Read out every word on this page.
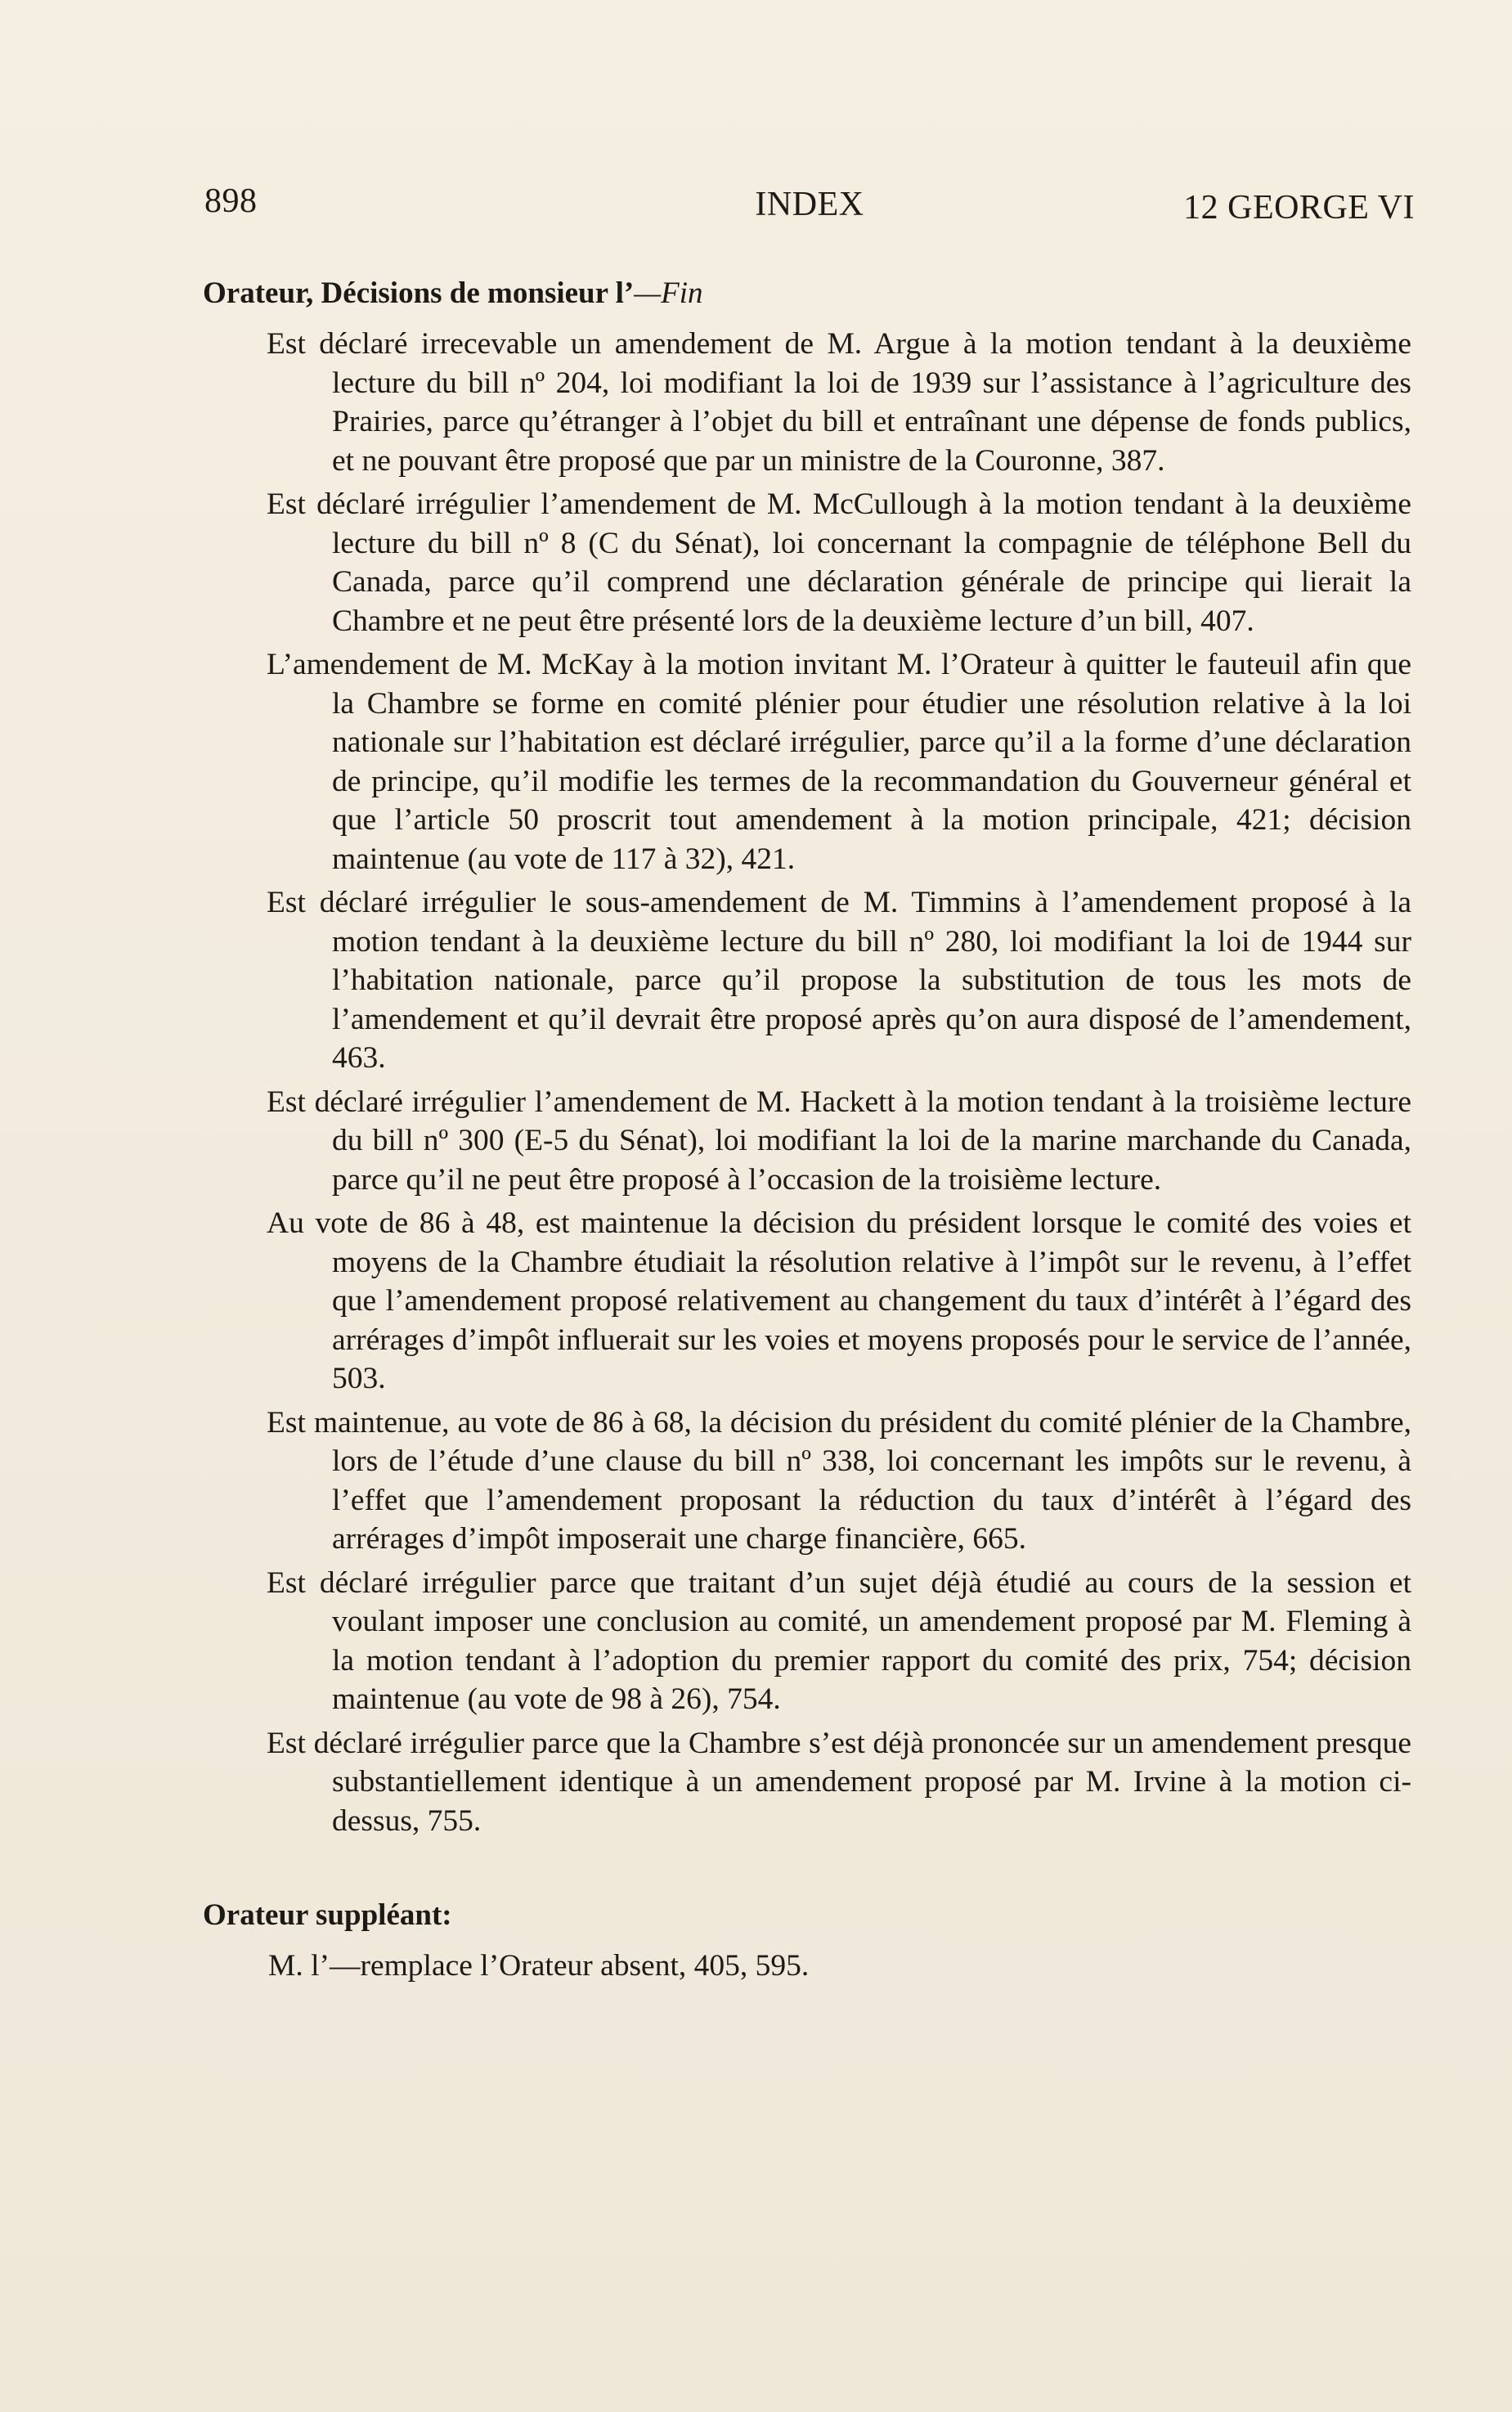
898	INDEX	12 GEORGE VI
Orateur, Décisions de monsieur l’—Fin

Est déclaré irrecevable un amendement de M. Argue à la motion tendant à la deuxième lecture du bill nº 204, loi modifiant la loi de 1939 sur l’assistance à l’agriculture des Prairies, parce qu’étranger à l’objet du bill et entraînant une dépense de fonds publics, et ne pouvant être proposé que par un ministre de la Couronne, 387.

Est déclaré irrégulier l’amendement de M. McCullough à la motion tendant à la deuxième lecture du bill nº 8 (C du Sénat), loi concernant la compagnie de téléphone Bell du Canada, parce qu’il comprend une déclaration générale de principe qui lierait la Chambre et ne peut être présenté lors de la deuxième lecture d’un bill, 407.

L’amendement de M. McKay à la motion invitant M. l’Orateur à quitter le fauteuil afin que la Chambre se forme en comité plénier pour étudier une résolution relative à la loi nationale sur l’habitation est déclaré irrégulier, parce qu’il a la forme d’une déclaration de principe, qu’il modifie les termes de la recommandation du Gouverneur général et que l’article 50 proscrit tout amendement à la motion principale, 421; décision maintenue (au vote de 117 à 32), 421.

Est déclaré irrégulier le sous-amendement de M. Timmins à l’amendement proposé à la motion tendant à la deuxième lecture du bill nº 280, loi modifiant la loi de 1944 sur l’habitation nationale, parce qu’il propose la substitution de tous les mots de l’amendement et qu’il devrait être proposé après qu’on aura disposé de l’amendement, 463.

Est déclaré irrégulier l’amendement de M. Hackett à la motion tendant à la troisième lecture du bill nº 300 (E-5 du Sénat), loi modifiant la loi de la marine marchande du Canada, parce qu’il ne peut être proposé à l’occasion de la troisième lecture.

Au vote de 86 à 48, est maintenue la décision du président lorsque le comité des voies et moyens de la Chambre étudiait la résolution relative à l’impôt sur le revenu, à l’effet que l’amendement proposé relativement au changement du taux d’intérêt à l’égard des arrérages d’impôt influerait sur les voies et moyens proposés pour le service de l’année, 503.

Est maintenue, au vote de 86 à 68, la décision du président du comité plénier de la Chambre, lors de l’étude d’une clause du bill nº 338, loi concernant les impôts sur le revenu, à l’effet que l’amendement proposant la réduction du taux d’intérêt à l’égard des arrérages d’impôt imposerait une charge financière, 665.

Est déclaré irrégulier parce que traitant d’un sujet déjà étudié au cours de la session et voulant imposer une conclusion au comité, un amendement proposé par M. Fleming à la motion tendant à l’adoption du premier rapport du comité des prix, 754; décision maintenue (au vote de 98 à 26), 754.

Est déclaré irrégulier parce que la Chambre s’est déjà prononcée sur un amendement presque substantiellement identique à un amendement proposé par M. Irvine à la motion ci-dessus, 755.

Orateur suppléant:

M. l’—remplace l’Orateur absent, 405, 595.
